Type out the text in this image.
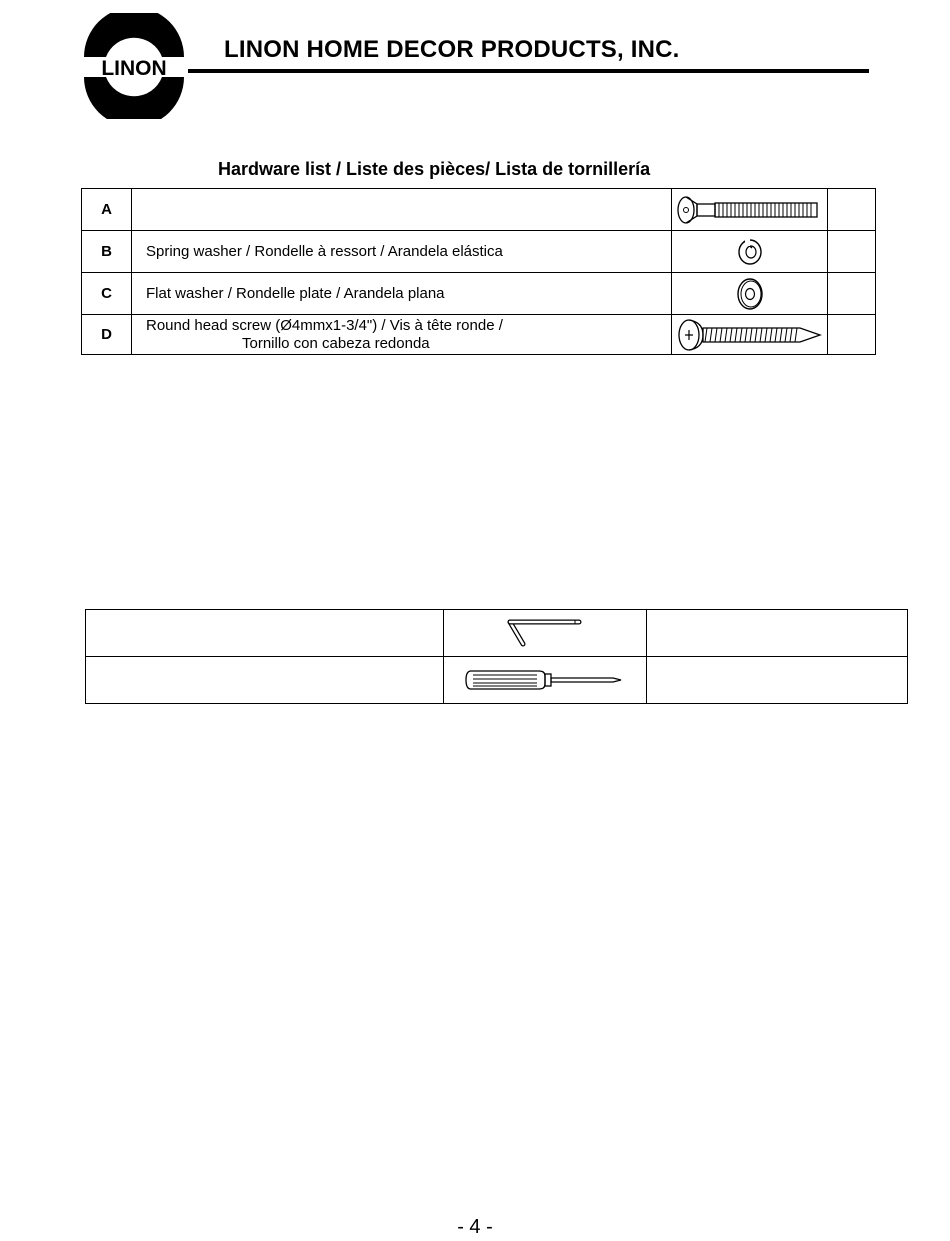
LINON
LINON HOME DECOR PRODUCTS, INC.
Hardware list / Liste des pièces/ Lista de tornillería
A		

B	Spring washer / Rondelle à ressort / Arandela elástica	

C	Flat washer / Rondelle plate / Arandela plana	

D	Round head screw (Ø4mmx1-3/4") / Vis à tête ronde /
Tornillo con cabeza redonda

- 4 -
